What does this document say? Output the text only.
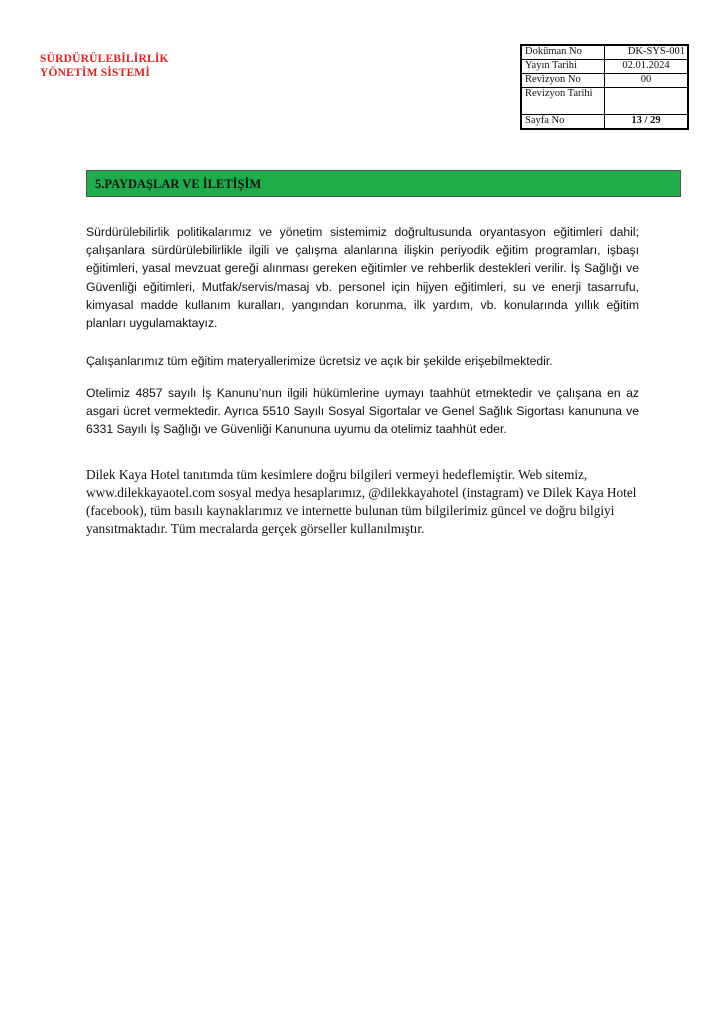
SÜRDÜRÜLEBİLİRLİK
YÖNETİM SİSTEMİ
Doküman No	DK-SYS-001
Yayın Tarihi	02.01.2024
Revizyon No	00
Revizyon Tarihi	
Sayfa No	13 / 29
5.PAYDAŞLAR VE İLETİŞİM

Sürdürülebilirlik politikalarımız ve yönetim sistemimiz doğrultusunda oryantasyon eğitimleri dahil; çalışanlara sürdürülebilirlikle ilgili ve çalışma alanlarına ilişkin periyodik eğitim programları, işbaşı eğitimleri, yasal mevzuat gereği alınması gereken eğitimler ve rehberlik destekleri verilir. İş Sağlığı ve Güvenliği eğitimleri, Mutfak/servis/masaj vb. personel için hijyen eğitimleri, su ve enerji tasarrufu, kimyasal madde kullanım kuralları, yangından korunma, ilk yardım, vb. konularında yıllık eğitim planları uygulamaktayız.

Çalışanlarımız tüm eğitim materyallerimize ücretsiz ve açık bir şekilde erişebilmektedir.

Otelimiz 4857 sayılı İş Kanunu’nun ilgili hükümlerine uymayı taahhüt etmektedir ve çalışana en az asgari ücret vermektedir. Ayrıca 5510 Sayılı Sosyal Sigortalar ve Genel Sağlık Sigortası kanununa ve 6331 Sayılı İş Sağlığı ve Güvenliği Kanununa uyumu da otelimiz taahhüt eder.

Dilek Kaya Hotel tanıtımda tüm kesimlere doğru bilgileri vermeyi hedeflemiştir. Web sitemiz, www.dilekkayaotel.com sosyal medya hesaplarımız, @dilekkayahotel (instagram) ve Dilek Kaya Hotel (facebook), tüm basılı kaynaklarımız ve internette bulunan tüm bilgilerimiz güncel ve doğru bilgiyi yansıtmaktadır. Tüm mecralarda gerçek görseller kullanılmıştır.
